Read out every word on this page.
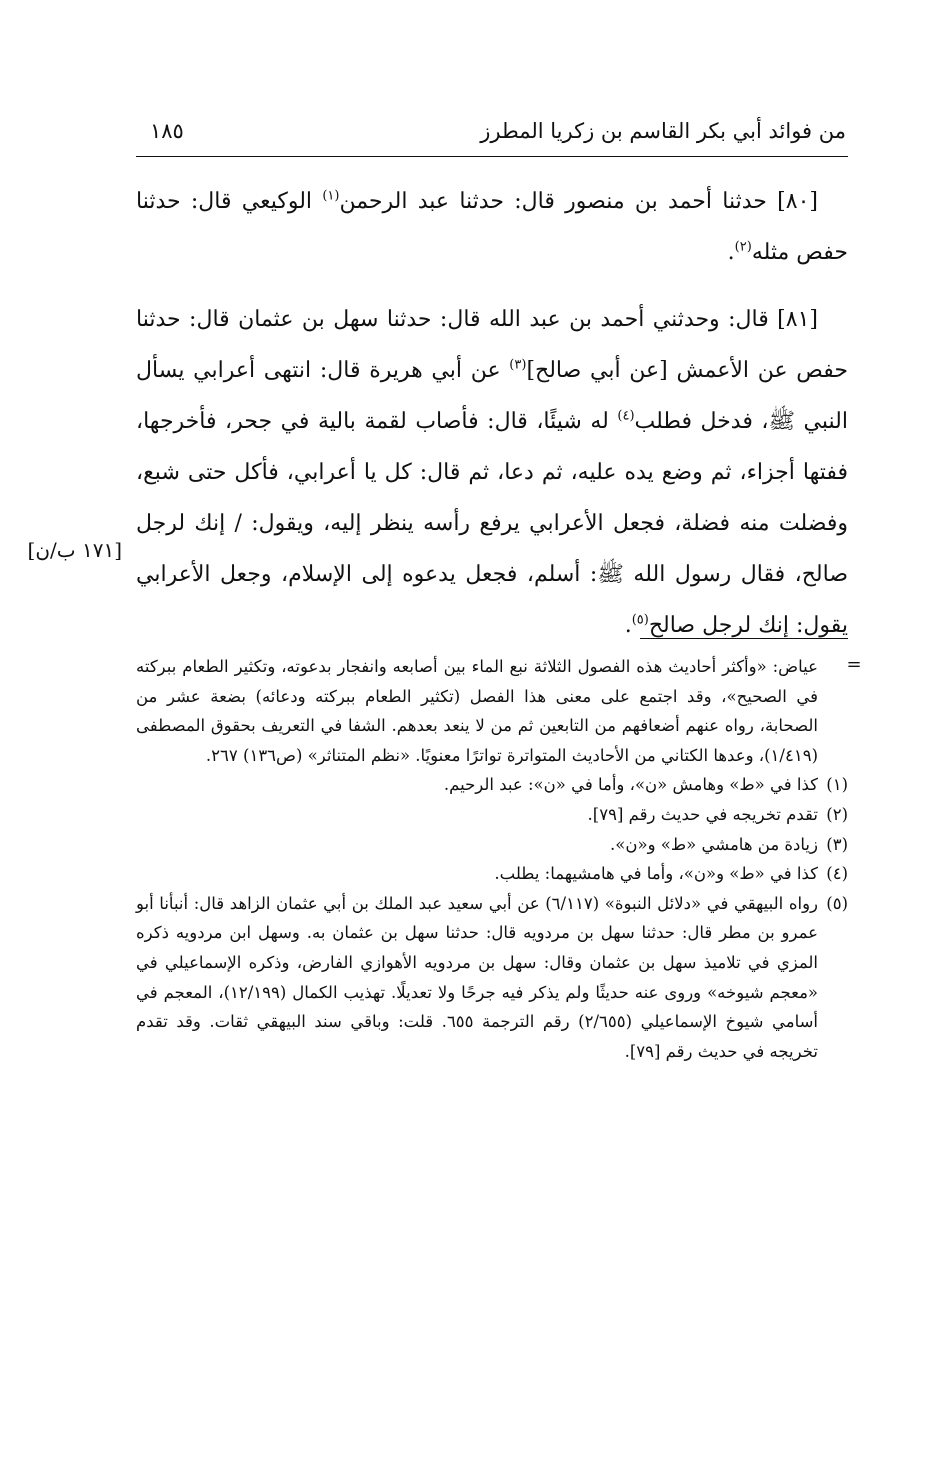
من فوائد أبي بكر القاسم بن زكريا المطرز
١٨٥

[٨٠] حدثنا أحمد بن منصور قال: حدثنا عبد الرحمن$^{(١)}$ الوكيعي قال: حدثنا حفص مثله$^{(٢)}$.

[٨١] قال: وحدثني أحمد بن عبد الله قال: حدثنا سهل بن عثمان قال: حدثنا حفص عن الأعمش [عن أبي صالح]$^{(٣)}$ عن أبي هريرة قال: انتهى أعرابي يسأل النبي ﷺ، فدخل فطلب$^{(٤)}$ له شيئًا، قال: فأصاب لقمة بالية في جحر، فأخرجها، ففتها أجزاء، ثم وضع يده عليه، ثم دعا، ثم قال: كل يا أعرابي، فأكل حتى شبع، وفضلت منه فضلة، فجعل الأعرابي يرفع رأسه ينظر إليه، ويقول: / إنك لرجل صالح، فقال رسول الله ﷺ: أسلم، فجعل يدعوه إلى الإسلام، وجعل الأعرابي يقول: إنك لرجل صالح$^{(٥)}$.

[١٧١ ب/ن]
=

عياض: «وأكثر أحاديث هذه الفصول الثلاثة نبع الماء بين أصابعه وانفجار بدعوته، وتكثير الطعام ببركته في الصحيح»، وقد اجتمع على معنى هذا الفصل (تكثير الطعام ببركته ودعائه) بضعة عشر من الصحابة، رواه عنهم أضعافهم من التابعين ثم من لا ينعد بعدهم. الشفا في التعريف بحقوق المصطفى (١/٤١٩)، وعدها الكتاني من الأحاديث المتواترة تواترًا معنويًا. «نظم المتناثر» (ص١٣٦) ٢٦٧.

(١)
كذا في «ط» وهامش «ن»، وأما في «ن»: عبد الرحيم.

(٢)
تقدم تخريجه في حديث رقم [٧٩].

(٣)
زيادة من هامشي «ط» و«ن».

(٤)
كذا في «ط» و«ن»، وأما في هامشيهما: يطلب.

(٥)
رواه البيهقي في «دلائل النبوة» (٦/١١٧) عن أبي سعيد عبد الملك بن أبي عثمان الزاهد قال: أنبأنا أبو عمرو بن مطر قال: حدثنا سهل بن مردويه قال: حدثنا سهل بن عثمان به. وسهل ابن مردويه ذكره المزي في تلاميذ سهل بن عثمان وقال: سهل بن مردويه الأهوازي الفارض، وذكره الإسماعيلي في «معجم شيوخه» وروى عنه حديثًا ولم يذكر فيه جرحًا ولا تعديلًا. تهذيب الكمال (١٢/١٩٩)، المعجم في أسامي شيوخ الإسماعيلي (٢/٦٥٥) رقم الترجمة ٦٥٥. قلت: وباقي سند البيهقي ثقات. وقد تقدم تخريجه في حديث رقم [٧٩].
